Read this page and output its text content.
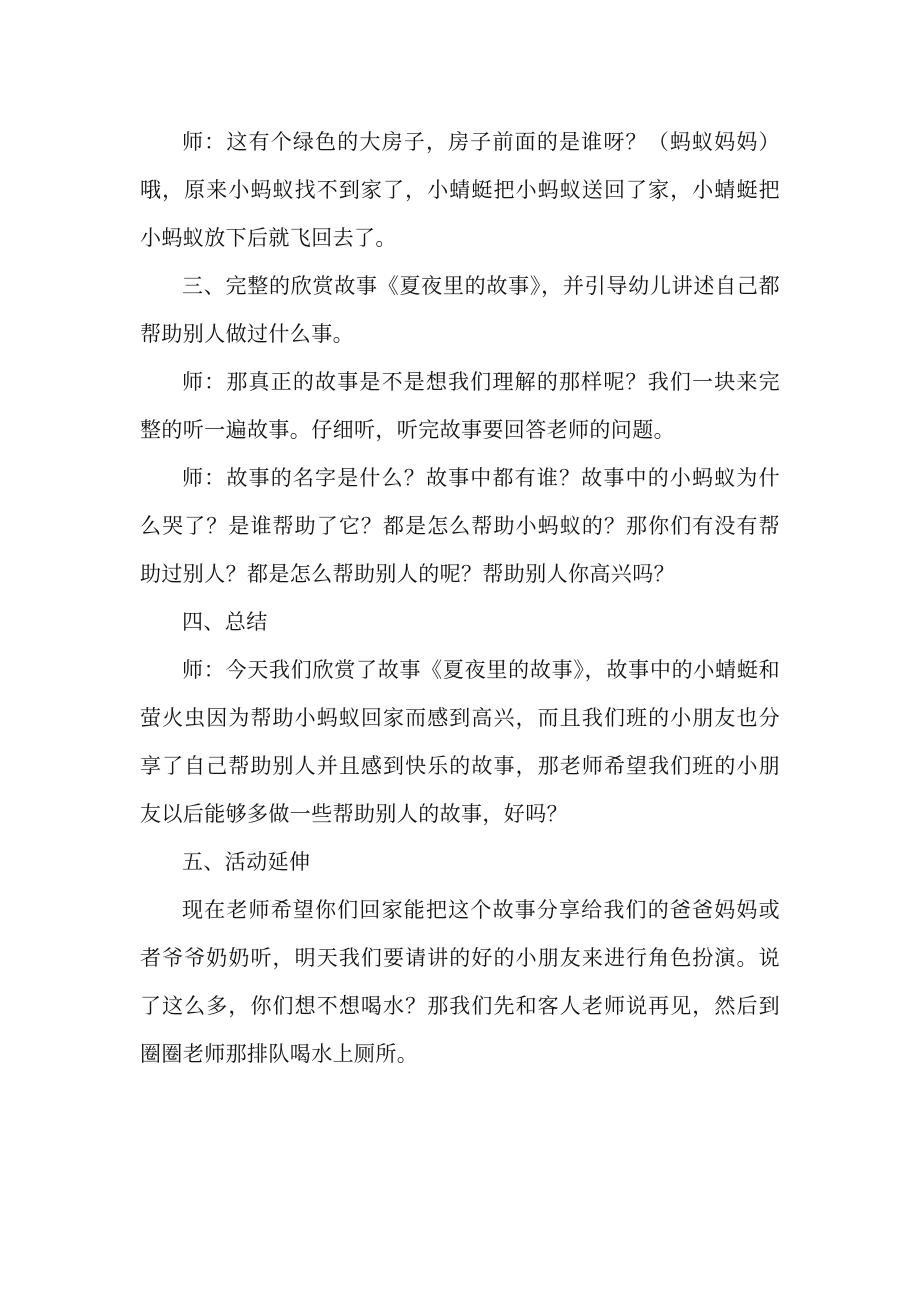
师：这有个绿色的大房子，房子前面的是谁呀？（蚂蚁妈妈）哦，原来小蚂蚁找不到家了，小蜻蜓把小蚂蚁送回了家，小蜻蜓把小蚂蚁放下后就飞回去了。

三、完整的欣赏故事《夏夜里的故事》，并引导幼儿讲述自己都帮助别人做过什么事。

师：那真正的故事是不是想我们理解的那样呢？我们一块来完整的听一遍故事。仔细听，听完故事要回答老师的问题。

师：故事的名字是什么？故事中都有谁？故事中的小蚂蚁为什么哭了？是谁帮助了它？都是怎么帮助小蚂蚁的？那你们有没有帮助过别人？都是怎么帮助别人的呢？帮助别人你高兴吗？

四、总结

师：今天我们欣赏了故事《夏夜里的故事》，故事中的小蜻蜓和萤火虫因为帮助小蚂蚁回家而感到高兴，而且我们班的小朋友也分享了自己帮助别人并且感到快乐的故事，那老师希望我们班的小朋友以后能够多做一些帮助别人的故事，好吗？

五、活动延伸

现在老师希望你们回家能把这个故事分享给我们的爸爸妈妈或者爷爷奶奶听，明天我们要请讲的好的小朋友来进行角色扮演。说了这么多，你们想不想喝水？那我们先和客人老师说再见，然后到圈圈老师那排队喝水上厕所。
